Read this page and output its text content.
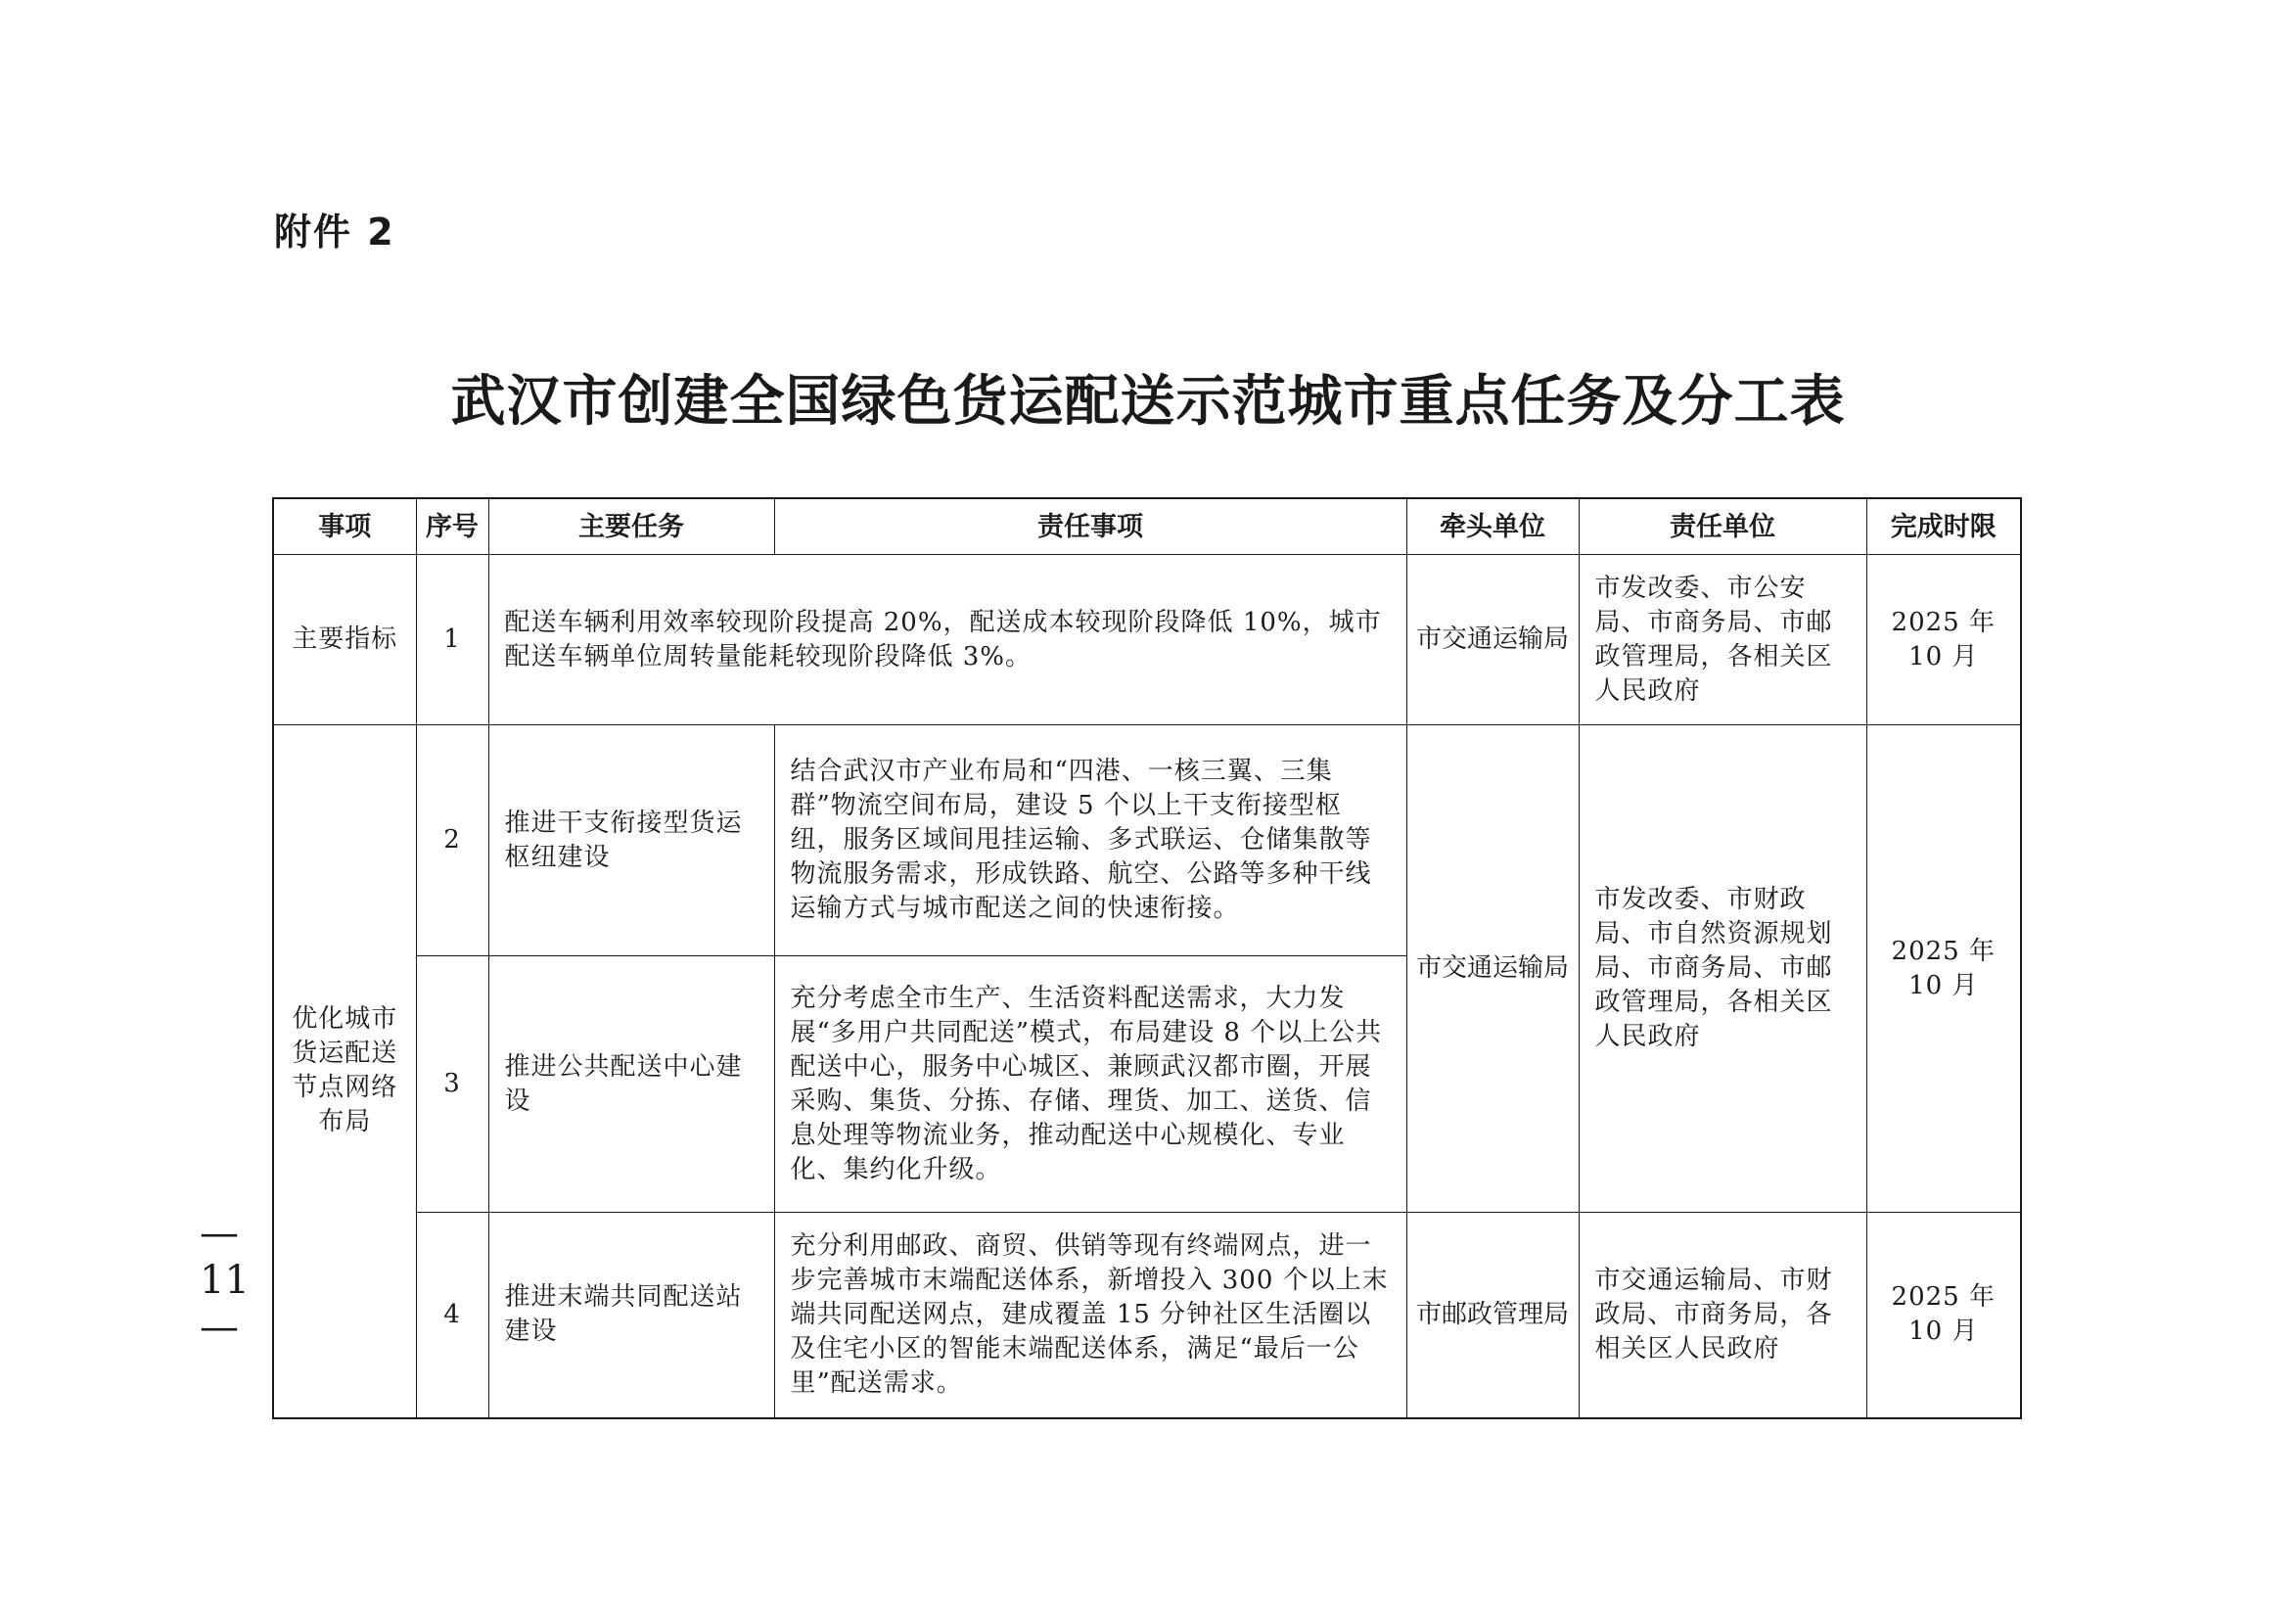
附件 2
武汉市创建全国绿色货运配送示范城市重点任务及分工表
—
11
—
事项	序号	主要任务	责任事项	牵头单位	责任单位	完成时限
主要指标	1	配送车辆利用效率较现阶段提高 20%，配送成本较现阶段降低 10%，城市配送车辆单位周转量能耗较现阶段降低 3%。		市交通运输局	市发改委、市公安局、市商务局、市邮政管理局，各相关区人民政府	2025 年 10 月
优化城市货运配送节点网络布局	2	推进干支衔接型货运枢纽建设	结合武汉市产业布局和“四港、一核三翼、三集群”物流空间布局，建设 5 个以上干支衔接型枢纽，服务区域间甩挂运输、多式联运、仓储集散等物流服务需求，形成铁路、航空、公路等多种干线运输方式与城市配送之间的快速衔接。	市交通运输局	市发改委、市财政局、市自然资源规划局、市商务局、市邮政管理局，各相关区人民政府	2025 年 10 月
	3	推进公共配送中心建设	充分考虑全市生产、生活资料配送需求，大力发展“多用户共同配送”模式，布局建设 8 个以上公共配送中心，服务中心城区、兼顾武汉都市圈，开展采购、集货、分拣、存储、理货、加工、送货、信息处理等物流业务，推动配送中心规模化、专业化、集约化升级。			
	4	推进末端共同配送站建设	充分利用邮政、商贸、供销等现有终端网点，进一步完善城市末端配送体系，新增投入 300 个以上末端共同配送网点，建成覆盖 15 分钟社区生活圈以及住宅小区的智能末端配送体系，满足“最后一公里”配送需求。	市邮政管理局	市交通运输局、市财政局、市商务局，各相关区人民政府	2025 年 10 月
